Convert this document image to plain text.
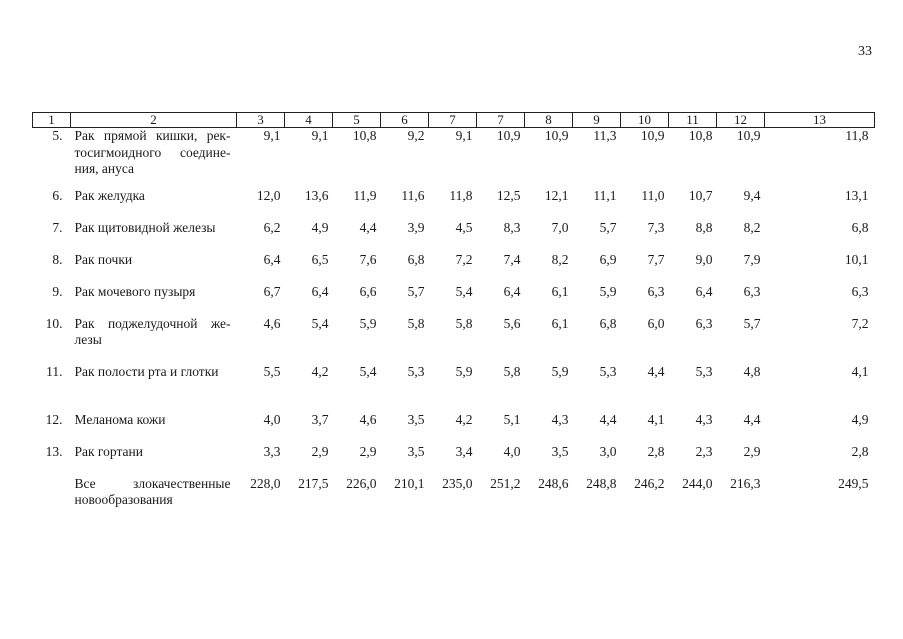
33
1	2	3	4	5	6	7	7	8	9	10	11	12	13
5.	Рак прямой кишки, ректосигмоидного соединения, ануса	9,1	9,1	10,8	9,2	9,1	10,9	10,9	11,3	10,9	10,8	10,9	11,8
6.	Рак желудка	12,0	13,6	11,9	11,6	11,8	12,5	12,1	11,1	11,0	10,7	9,4	13,1
7.	Рак щитовидной железы	6,2	4,9	4,4	3,9	4,5	8,3	7,0	5,7	7,3	8,8	8,2	6,8
8.	Рак почки	6,4	6,5	7,6	6,8	7,2	7,4	8,2	6,9	7,7	9,0	7,9	10,1
9.	Рак мочевого пузыря	6,7	6,4	6,6	5,7	5,4	6,4	6,1	5,9	6,3	6,4	6,3	6,3
10.	Рак поджелудочной железы	4,6	5,4	5,9	5,8	5,8	5,6	6,1	6,8	6,0	6,3	5,7	7,2
11.	Рак полости рта и глотки	5,5	4,2	5,4	5,3	5,9	5,8	5,9	5,3	4,4	5,3	4,8	4,1
12.	Меланома кожи	4,0	3,7	4,6	3,5	4,2	5,1	4,3	4,4	4,1	4,3	4,4	4,9
13.	Рак гортани	3,3	2,9	2,9	3,5	3,4	4,0	3,5	3,0	2,8	2,3	2,9	2,8
	Все злокачественные новообразования	228,0	217,5	226,0	210,1	235,0	251,2	248,6	248,8	246,2	244,0	216,3	249,5
